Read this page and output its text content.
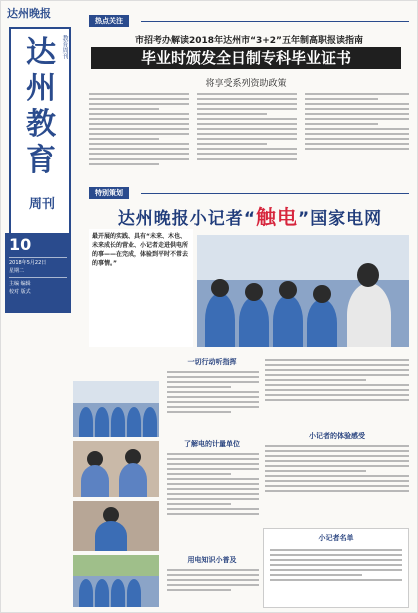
达州晚报
达州教育
教育周刊
周刊
10
2018年5月22日
星期二
主编 编辑
校对 版式
热点关注
市招考办解读2018年达州市“3+2”五年制高职报读指南
毕业时颁发全日制专科毕业证书
将享受系列资助政策
特别策划
达州晚报小记者“触电”国家电网
最开展的实践、具有“未来、木也、未来成长的营业、小记者走进供电所的事——在完成，体验到平时不常去的事情。”
一切行动听指挥
了解电的计量单位
用电知识小普及
小记者的体验感受
小记者名单
